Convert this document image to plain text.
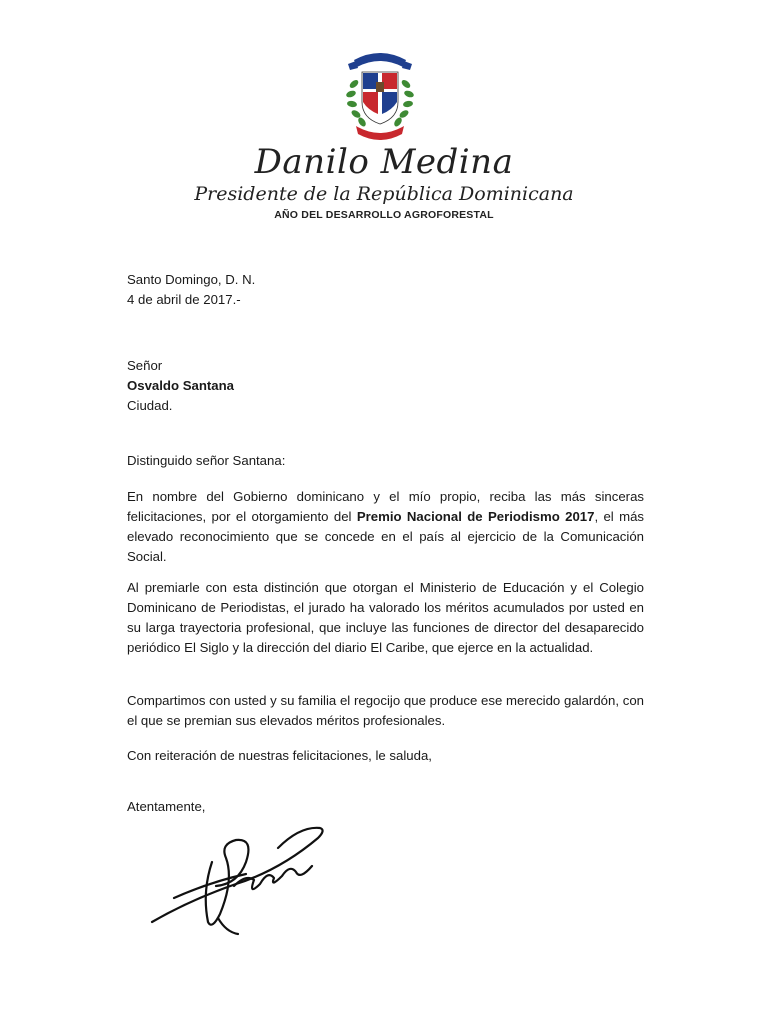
Danilo Medina
Presidente de la República Dominicana
AÑO DEL DESARROLLO AGROFORESTAL
Santo Domingo, D. N.
4 de abril de 2017.-
Señor
Osvaldo Santana
Ciudad.
Distinguido señor Santana:
En nombre del Gobierno dominicano y el mío propio, reciba las más sinceras felicitaciones, por el otorgamiento del Premio Nacional de Periodismo 2017, el más elevado reconocimiento que se concede en el país al ejercicio de la Comunicación Social.
Al premiarle con esta distinción que otorgan el Ministerio de Educación y el Colegio Dominicano de Periodistas, el jurado ha valorado los méritos acumulados por usted en su larga trayectoria profesional, que incluye las funciones de director del desaparecido periódico El Siglo y la dirección del diario El Caribe, que ejerce en la actualidad.
Compartimos con usted y su familia el regocijo que produce ese merecido galardón, con el que se premian sus elevados méritos profesionales.
Con reiteración de nuestras felicitaciones, le saluda,
Atentamente,
